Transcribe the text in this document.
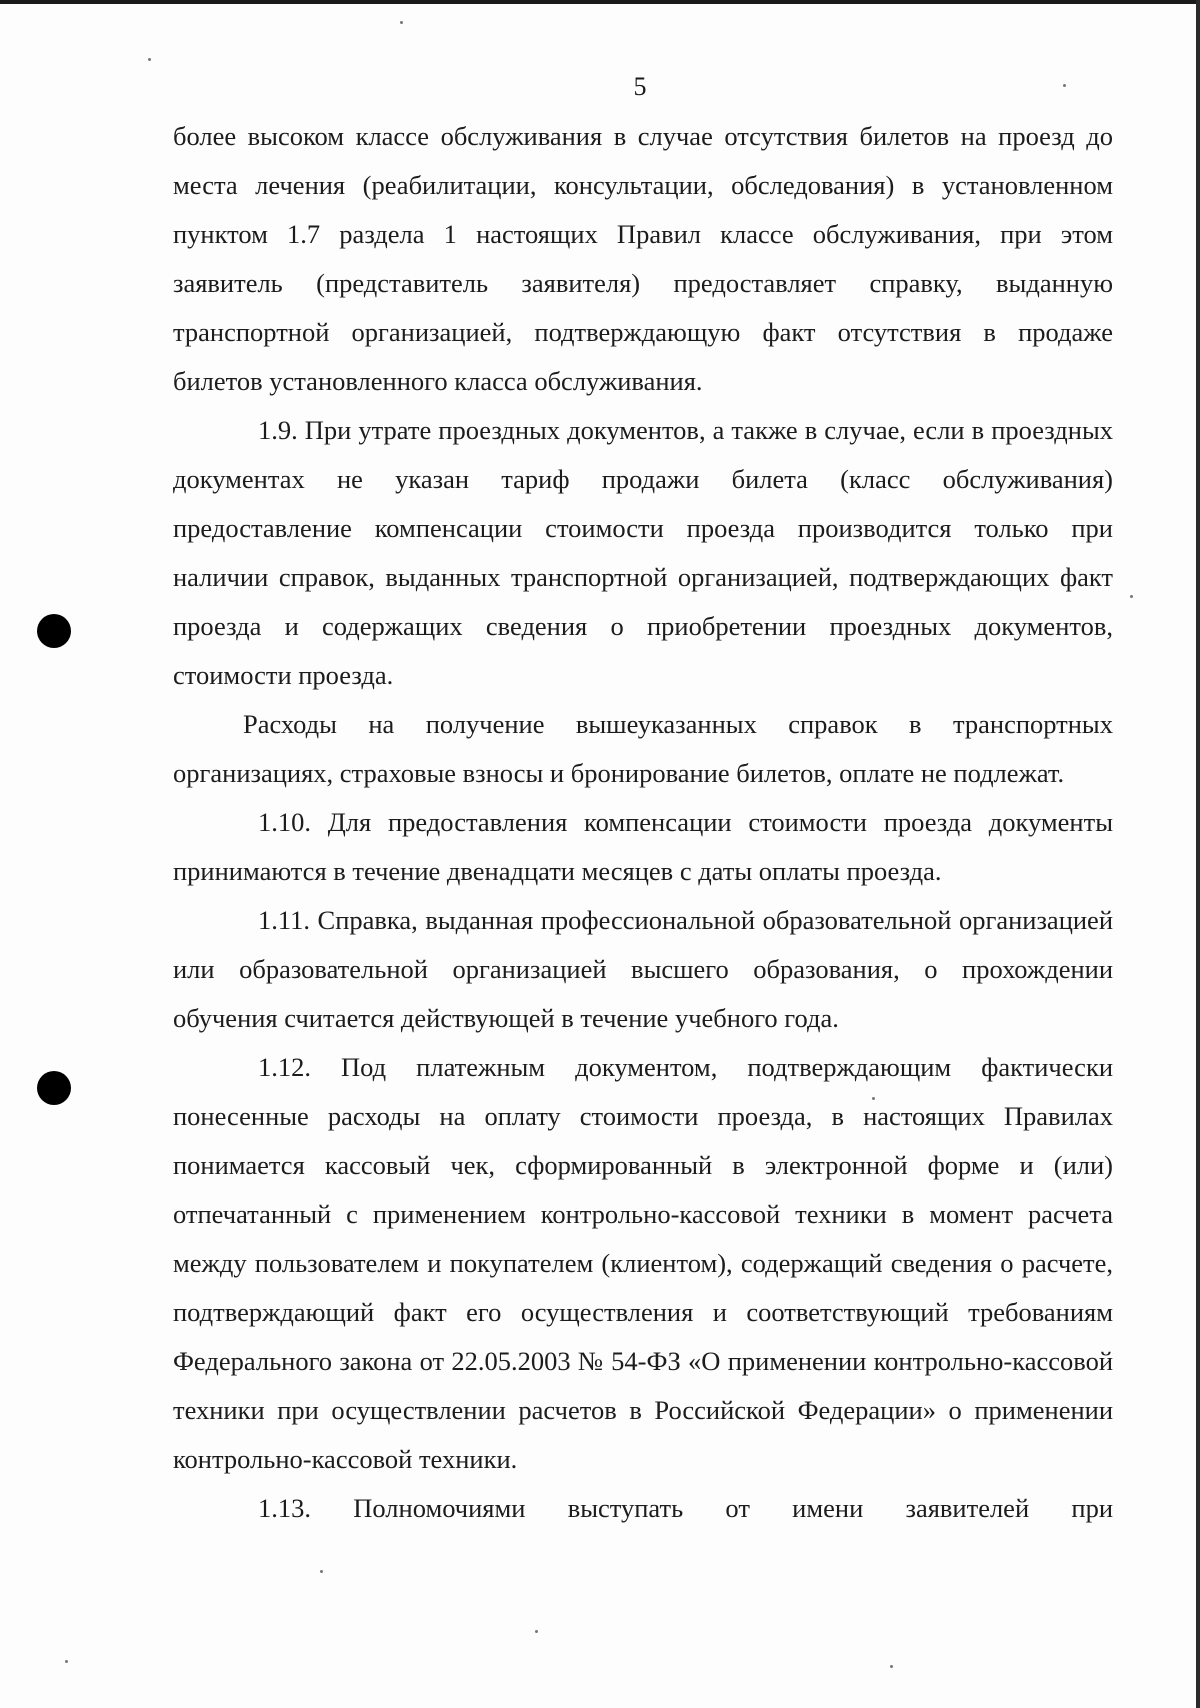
5

более высоком классе обслуживания в случае отсутствия билетов на проезд до места лечения (реабилитации, консультации, обследования) в установленном пунктом 1.7 раздела 1 настоящих Правил классе обслуживания, при этом заявитель (представитель заявителя) предоставляет справку, выданную транспортной организацией, подтверждающую факт отсутствия в продаже билетов установленного класса обслуживания.

1.9. При утрате проездных документов, а также в случае, если в проездных документах не указан тариф продажи билета (класс обслуживания) предоставление компенсации стоимости проезда производится только при наличии справок, выданных транспортной организацией, подтверждающих факт проезда и содержащих сведения о приобретении проездных документов, стоимости проезда.

Расходы на получение вышеуказанных справок в транспортных организациях, страховые взносы и бронирование билетов, оплате не подлежат.

1.10. Для предоставления компенсации стоимости проезда документы принимаются в течение двенадцати месяцев с даты оплаты проезда.

1.11. Справка, выданная профессиональной образовательной организацией или образовательной организацией высшего образования, о прохождении обучения считается действующей в течение учебного года.

1.12. Под платежным документом, подтверждающим фактически понесенные расходы на оплату стоимости проезда, в настоящих Правилах понимается кассовый чек, сформированный в электронной форме и (или) отпечатанный с применением контрольно-кассовой техники в момент расчета между пользователем и покупателем (клиентом), содержащий сведения о расчете, подтверждающий факт его осуществления и соответствующий требованиям Федерального закона от 22.05.2003 № 54-ФЗ «О применении контрольно-кассовой техники при осуществлении расчетов в Российской Федерации» о применении контрольно-кассовой техники.

1.13. Полномочиями выступать от имени заявителей при
